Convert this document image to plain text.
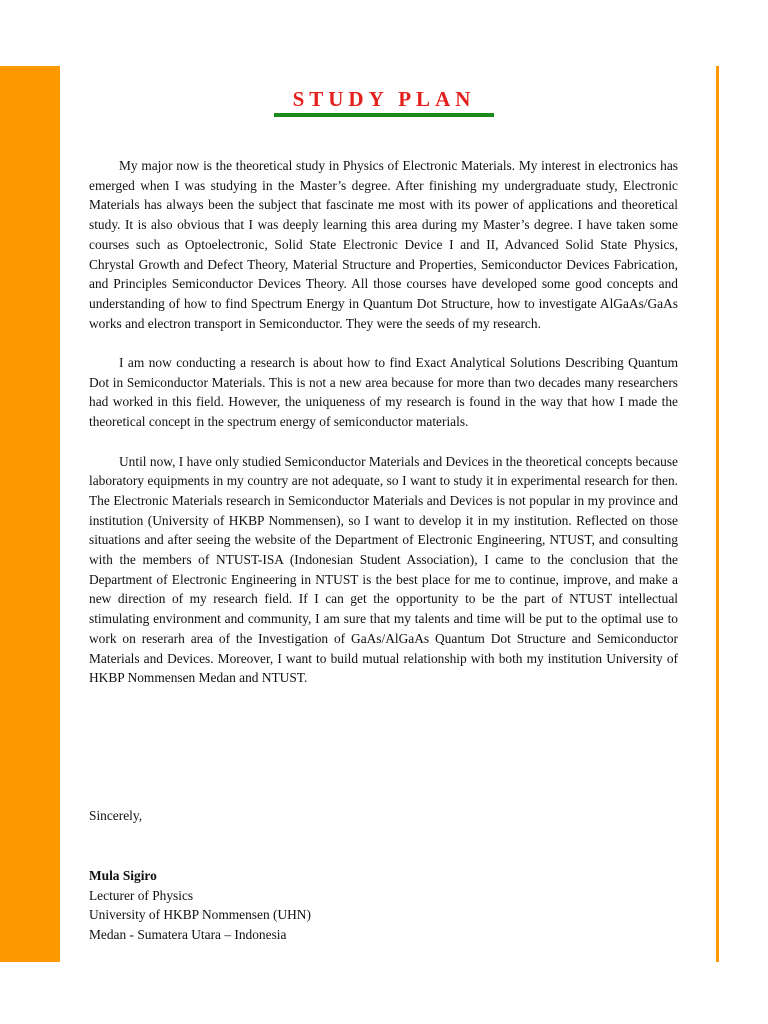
STUDY PLAN

My major now is the theoretical study in Physics of Electronic Materials. My interest in electronics has emerged when I was studying in the Master’s degree. After finishing my undergraduate study, Electronic Materials has always been the subject that fascinate me most with its power of applications and theoretical study. It is also obvious that I was deeply learning this area during my Master’s degree. I have taken some courses such as Optoelectronic, Solid State Electronic Device I and II, Advanced Solid State Physics, Chrystal Growth and Defect Theory, Material Structure and Properties, Semiconductor Devices Fabrication, and Principles Semiconductor Devices Theory. All those courses have developed some good concepts and understanding of how to find Spectrum Energy in Quantum Dot Structure, how to investigate AlGaAs/GaAs works and electron transport in Semiconductor. They were the seeds of my research.

I am now conducting a research is about how to find Exact Analytical Solutions Describing Quantum Dot in Semiconductor Materials. This is not a new area because for more than two decades many researchers had worked in this field. However, the uniqueness of my research is found in the way that how I made the theoretical concept in the spectrum energy of semiconductor materials.

Until now, I have only studied Semiconductor Materials and Devices in the theoretical concepts because laboratory equipments in my country are not adequate, so I want to study it in experimental research for then. The Electronic Materials research in Semiconductor Materials and Devices is not popular in my province and institution (University of HKBP Nommensen), so I want to develop it in my institution. Reflected on those situations and after seeing the website of the Department of Electronic Engineering, NTUST, and consulting with the members of NTUST-ISA (Indonesian Student Association), I came to the conclusion that the Department of Electronic Engineering in NTUST is the best place for me to continue, improve, and make a new direction of my research field. If I can get the opportunity to be the part of NTUST intellectual stimulating environment and community, I am sure that my talents and time will be put to the optimal use to work on reserarh area of the Investigation of GaAs/AlGaAs Quantum Dot Structure and Semiconductor Materials and Devices. Moreover, I want to build mutual relationship with both my institution University of HKBP Nommensen Medan and NTUST.

Sincerely,
Mula Sigiro
Lecturer of Physics
University of HKBP Nommensen (UHN)
Medan - Sumatera Utara – Indonesia
